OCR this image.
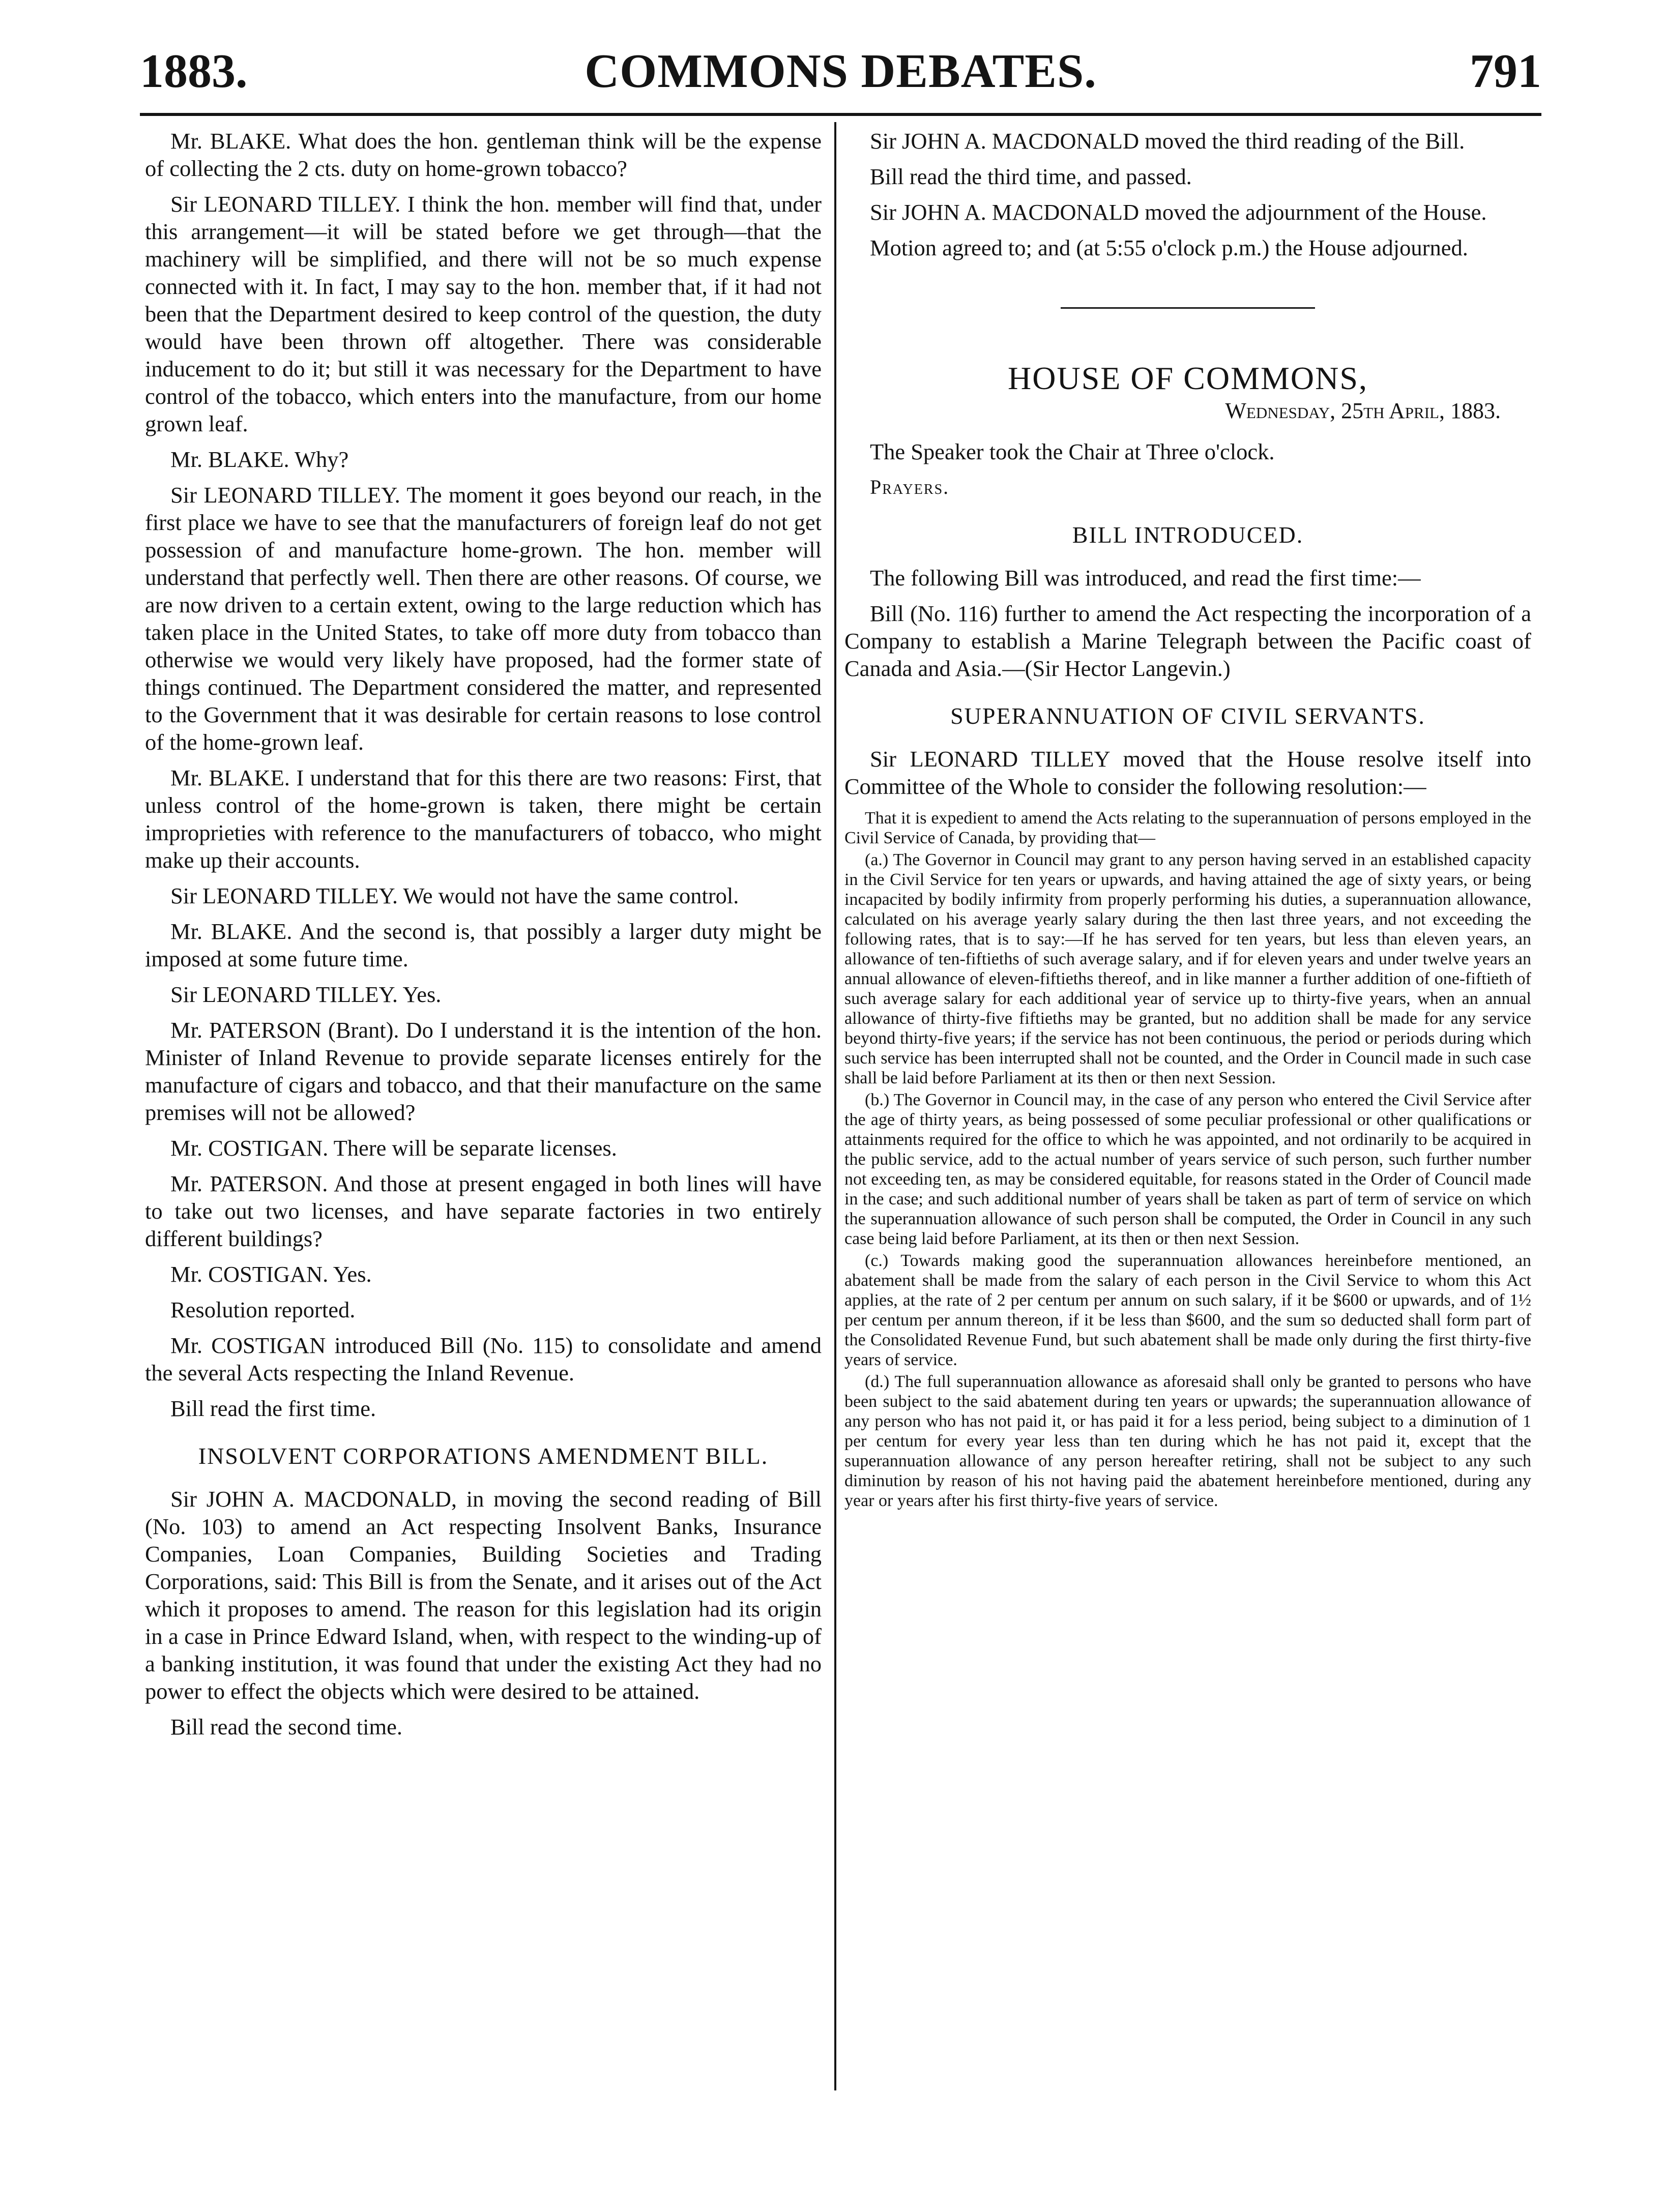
1883.	COMMONS DEBATES.	791

Mr. BLAKE. What does the hon. gentleman think will be the expense of collecting the 2 cts. duty on home-grown tobacco?

Sir LEONARD TILLEY. I think the hon. member will find that, under this arrangement—it will be stated before we get through—that the machinery will be simplified, and there will not be so much expense connected with it. In fact, I may say to the hon. member that, if it had not been that the Department desired to keep control of the question, the duty would have been thrown off altogether. There was considerable inducement to do it; but still it was necessary for the Department to have control of the tobacco, which enters into the manufacture, from our home grown leaf.

Mr. BLAKE. Why?

Sir LEONARD TILLEY. The moment it goes beyond our reach, in the first place we have to see that the manufacturers of foreign leaf do not get possession of and manufacture home-grown. The hon. member will understand that perfectly well. Then there are other reasons. Of course, we are now driven to a certain extent, owing to the large reduction which has taken place in the United States, to take off more duty from tobacco than otherwise we would very likely have proposed, had the former state of things continued. The Department considered the matter, and represented to the Government that it was desirable for certain reasons to lose control of the home-grown leaf.

Mr. BLAKE. I understand that for this there are two reasons: First, that unless control of the home-grown is taken, there might be certain improprieties with reference to the manufacturers of tobacco, who might make up their accounts.

Sir LEONARD TILLEY. We would not have the same control.

Mr. BLAKE. And the second is, that possibly a larger duty might be imposed at some future time.

Sir LEONARD TILLEY. Yes.

Mr. PATERSON (Brant). Do I understand it is the intention of the hon. Minister of Inland Revenue to provide separate licenses entirely for the manufacture of cigars and tobacco, and that their manufacture on the same premises will not be allowed?

Mr. COSTIGAN. There will be separate licenses.

Mr. PATERSON. And those at present engaged in both lines will have to take out two licenses, and have separate factories in two entirely different buildings?

Mr. COSTIGAN. Yes.

Resolution reported.

Mr. COSTIGAN introduced Bill (No. 115) to consolidate and amend the several Acts respecting the Inland Revenue.

Bill read the first time.

INSOLVENT CORPORATIONS AMENDMENT BILL.

Sir JOHN A. MACDONALD, in moving the second reading of Bill (No. 103) to amend an Act respecting Insolvent Banks, Insurance Companies, Loan Companies, Building Societies and Trading Corporations, said: This Bill is from the Senate, and it arises out of the Act which it proposes to amend. The reason for this legislation had its origin in a case in Prince Edward Island, when, with respect to the winding-up of a banking institution, it was found that under the existing Act they had no power to effect the objects which were desired to be attained.

Bill read the second time.

Sir JOHN A. MACDONALD moved the third reading of the Bill.

Bill read the third time, and passed.

Sir JOHN A. MACDONALD moved the adjournment of the House.

Motion agreed to; and (at 5:55 o'clock p.m.) the House adjourned.

HOUSE OF COMMONS,
Wednesday, 25th April, 1883.

The Speaker took the Chair at Three o'clock.

Prayers.

BILL INTRODUCED.

The following Bill was introduced, and read the first time:—

Bill (No. 116) further to amend the Act respecting the incorporation of a Company to establish a Marine Telegraph between the Pacific coast of Canada and Asia.—(Sir Hector Langevin.)

SUPERANNUATION OF CIVIL SERVANTS.

Sir LEONARD TILLEY moved that the House resolve itself into Committee of the Whole to consider the following resolution:—

That it is expedient to amend the Acts relating to the superannuation of persons employed in the Civil Service of Canada, by providing that—

(a.) The Governor in Council may grant to any person having served in an established capacity in the Civil Service for ten years or upwards, and having attained the age of sixty years, or being incapacited by bodily infirmity from properly performing his duties, a superannuation allowance, calculated on his average yearly salary during the then last three years, and not exceeding the following rates, that is to say:—If he has served for ten years, but less than eleven years, an allowance of ten-fiftieths of such average salary, and if for eleven years and under twelve years an annual allowance of eleven-fiftieths thereof, and in like manner a further addition of one-fiftieth of such average salary for each additional year of service up to thirty-five years, when an annual allowance of thirty-five fiftieths may be granted, but no addition shall be made for any service beyond thirty-five years; if the service has not been continuous, the period or periods during which such service has been interrupted shall not be counted, and the Order in Council made in such case shall be laid before Parliament at its then or then next Session.

(b.) The Governor in Council may, in the case of any person who entered the Civil Service after the age of thirty years, as being possessed of some peculiar professional or other qualifications or attainments required for the office to which he was appointed, and not ordinarily to be acquired in the public service, add to the actual number of years service of such person, such further number not exceeding ten, as may be considered equitable, for reasons stated in the Order of Council made in the case; and such additional number of years shall be taken as part of term of service on which the superannuation allowance of such person shall be computed, the Order in Council in any such case being laid before Parliament, at its then or then next Session.

(c.) Towards making good the superannuation allowances hereinbefore mentioned, an abatement shall be made from the salary of each person in the Civil Service to whom this Act applies, at the rate of 2 per centum per annum on such salary, if it be $600 or upwards, and of 1½ per centum per annum thereon, if it be less than $600, and the sum so deducted shall form part of the Consolidated Revenue Fund, but such abatement shall be made only during the first thirty-five years of service.

(d.) The full superannuation allowance as aforesaid shall only be granted to persons who have been subject to the said abatement during ten years or upwards; the superannuation allowance of any person who has not paid it, or has paid it for a less period, being subject to a diminution of 1 per centum for every year less than ten during which he has not paid it, except that the superannuation allowance of any person hereafter retiring, shall not be subject to any such diminution by reason of his not having paid the abatement hereinbefore mentioned, during any year or years after his first thirty-five years of service.
